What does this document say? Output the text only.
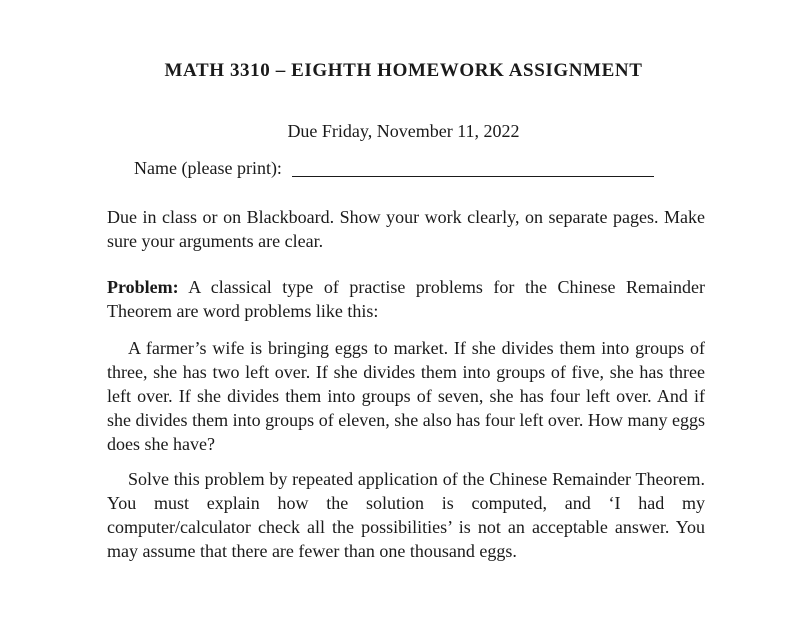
MATH 3310 – EIGHTH HOMEWORK ASSIGNMENT
Due Friday, November 11, 2022
Name (please print):
Due in class or on Blackboard. Show your work clearly, on separate pages. Make sure your arguments are clear.
Problem: A classical type of practise problems for the Chinese Remainder Theorem are word problems like this:
A farmer’s wife is bringing eggs to market. If she divides them into groups of three, she has two left over. If she divides them into groups of five, she has three left over. If she divides them into groups of seven, she has four left over. And if she divides them into groups of eleven, she also has four left over. How many eggs does she have?
Solve this problem by repeated application of the Chinese Remainder Theorem. You must explain how the solution is computed, and ‘I had my computer/calculator check all the possibilities’ is not an acceptable answer. You may assume that there are fewer than one thousand eggs.
